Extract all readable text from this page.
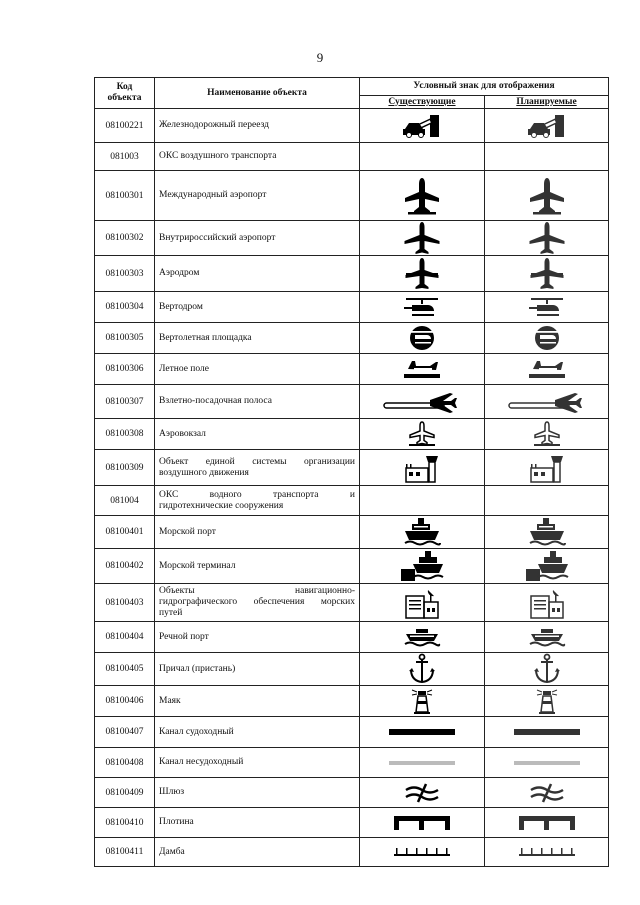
9
Код объекта	Наименование объекта	Условный знак для отображения	
		Существующие	Планируемые
08100221	Железнодорожный переезд	

081003	ОКС воздушного транспорта		
08100301	Международный аэропорт	

08100302	Внутрироссийский аэропорт	

08100303	Аэродром	

08100304	Вертодром	

08100305	Вертолетная площадка	

08100306	Летное поле	

08100307	Взлетно-посадочная полоса	

08100308	Аэровокзал	

08100309	Объект единой системы организации
воздушного движения

081004	ОКС водного транспорта и
гидротехнические сооружения		

08100401	Морской порт	

08100402	Морской терминал	

08100403	Объекты навигационно-
гидрографического обеспечения морских
путей

08100404	Речной порт	

08100405	Причал (пристань)	

08100406	Маяк	

08100407	Канал судоходный	

08100408	Канал несудоходный	

08100409	Шлюз	

08100410	Плотина	

08100411	Дамба	
